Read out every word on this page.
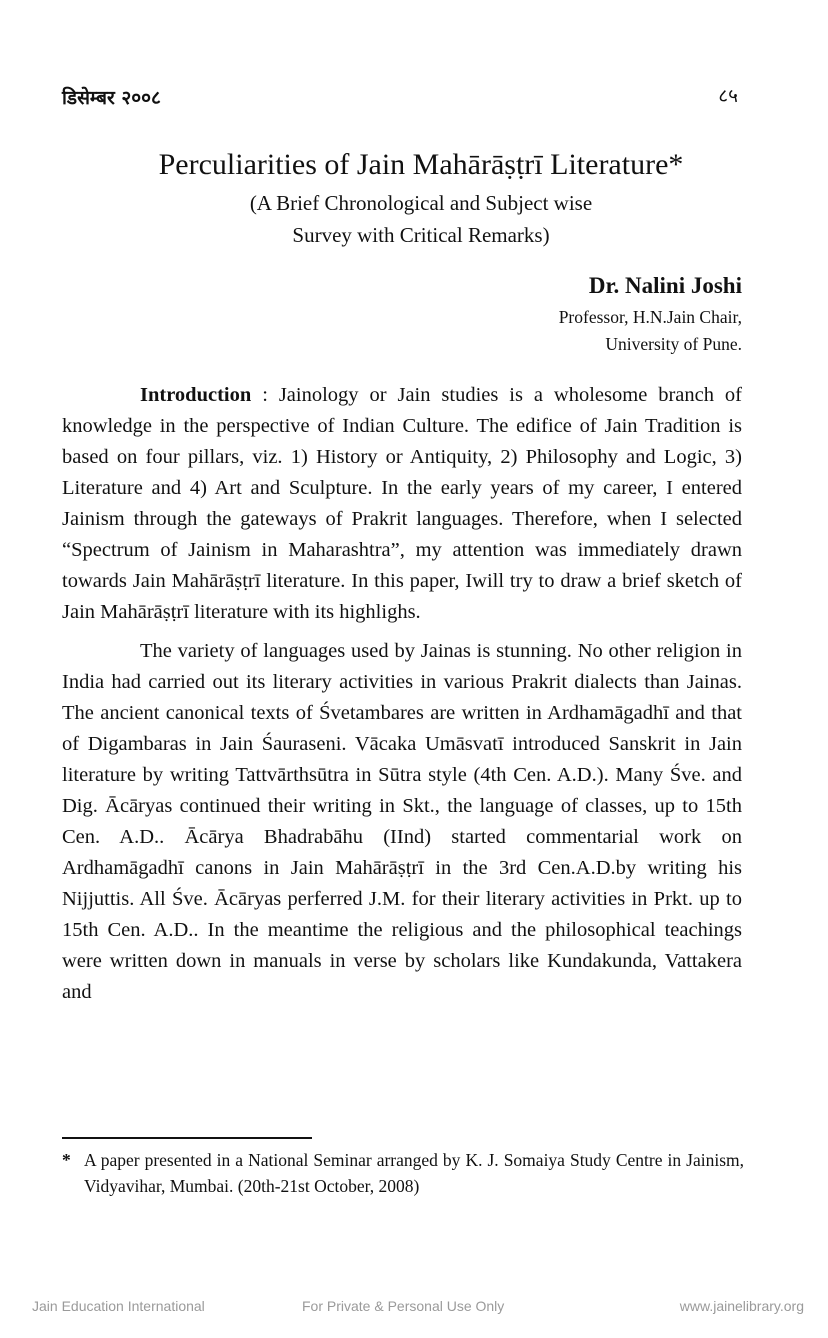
डिसेम्बर २००८	८५
Perculiarities of Jain Mahārāṣṭrī Literature*
(A Brief Chronological and Subject wise
Survey with Critical Remarks)
Dr. Nalini Joshi
Professor, H.N.Jain Chair,
University of Pune.

Introduction : Jainology or Jain studies is a wholesome branch of knowledge in the perspective of Indian Culture. The edifice of Jain Tradition is based on four pillars, viz. 1) History or Antiquity, 2) Philosophy and Logic, 3) Literature and 4) Art and Sculpture. In the early years of my career, I entered Jainism through the gateways of Prakrit languages. Therefore, when I selected “Spectrum of Jainism in Maharashtra”, my attention was immediately drawn towards Jain Mahārāṣṭrī literature. In this paper, Iwill try to draw a brief sketch of Jain Mahārāṣṭrī literature with its highlighs.

The variety of languages used by Jainas is stunning. No other religion in India had carried out its literary activities in various Prakrit dialects than Jainas. The ancient canonical texts of Śvetambares are written in Ardhamāgadhī and that of Digambaras in Jain Śauraseni. Vācaka Umāsvatī introduced Sanskrit in Jain literature by writing Tattvārthsūtra in Sūtra style (4th Cen. A.D.). Many Śve. and Dig. Ācāryas continued their writing in Skt., the language of classes, up to 15th Cen. A.D.. Ācārya Bhadrabāhu (IInd) started commentarial work on Ardhamāgadhī canons in Jain Mahārāṣṭrī in the 3rd Cen.A.D.by writing his Nijjuttis. All Śve. Ācāryas perferred J.M. for their literary activities in Prkt. up to 15th Cen. A.D.. In the meantime the religious and the philosophical teachings were written down in manuals in verse by scholars like Kundakunda, Vattakera and

* A paper presented in a National Seminar arranged by K. J. Somaiya Study Centre in Jainism, Vidyavihar, Mumbai. (20th-21st October, 2008)
Jain Education International	For Private & Personal Use Only	www.jainelibrary.org
